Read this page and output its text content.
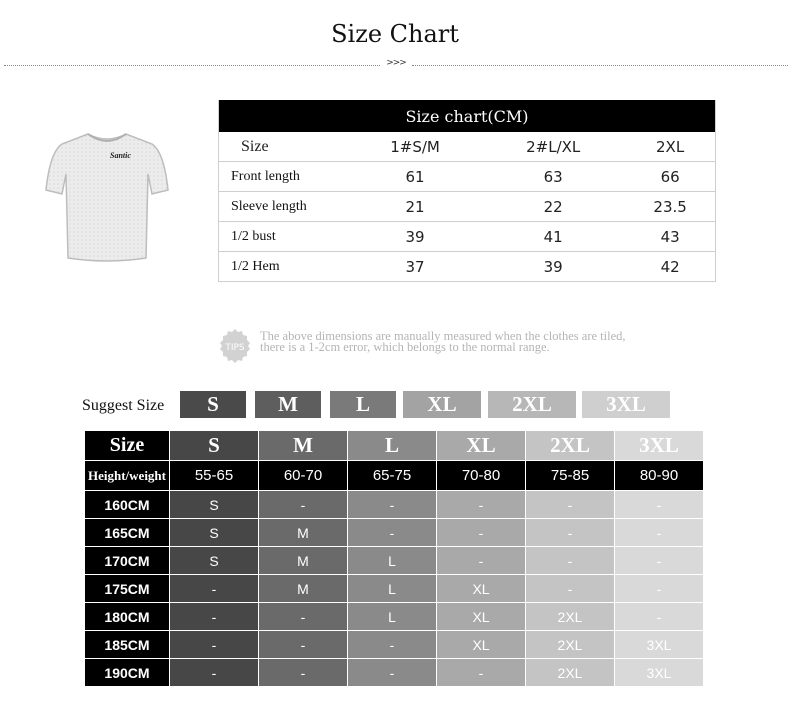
Size Chart
>>>
Santic
Size chart(CM)			
Size	1#S/M	2#L/XL	2XL
Front length	61	63	66
Sleeve length	21	22	23.5
1/2 bust	39	41	43
1/2 Hem	37	39	42
TIPS
The above dimensions are manually measured when the clothes are tiled,
there is a 1-2cm error, which belongs to the normal range.
Suggest Size	S	M	L	XL	2XL	3XL
Size	S	M	L	XL	2XL	3XL
Height/weight	55-65	60-70	65-75	70-80	75-85	80-90
160CM	S	-	-	-	-	-
165CM	S	M	-	-	-	-
170CM	S	M	L	-	-	-
175CM	-	M	L	XL	-	-
180CM	-	-	L	XL	2XL	-
185CM	-	-	-	XL	2XL	3XL
190CM	-	-	-	-	2XL	3XL
